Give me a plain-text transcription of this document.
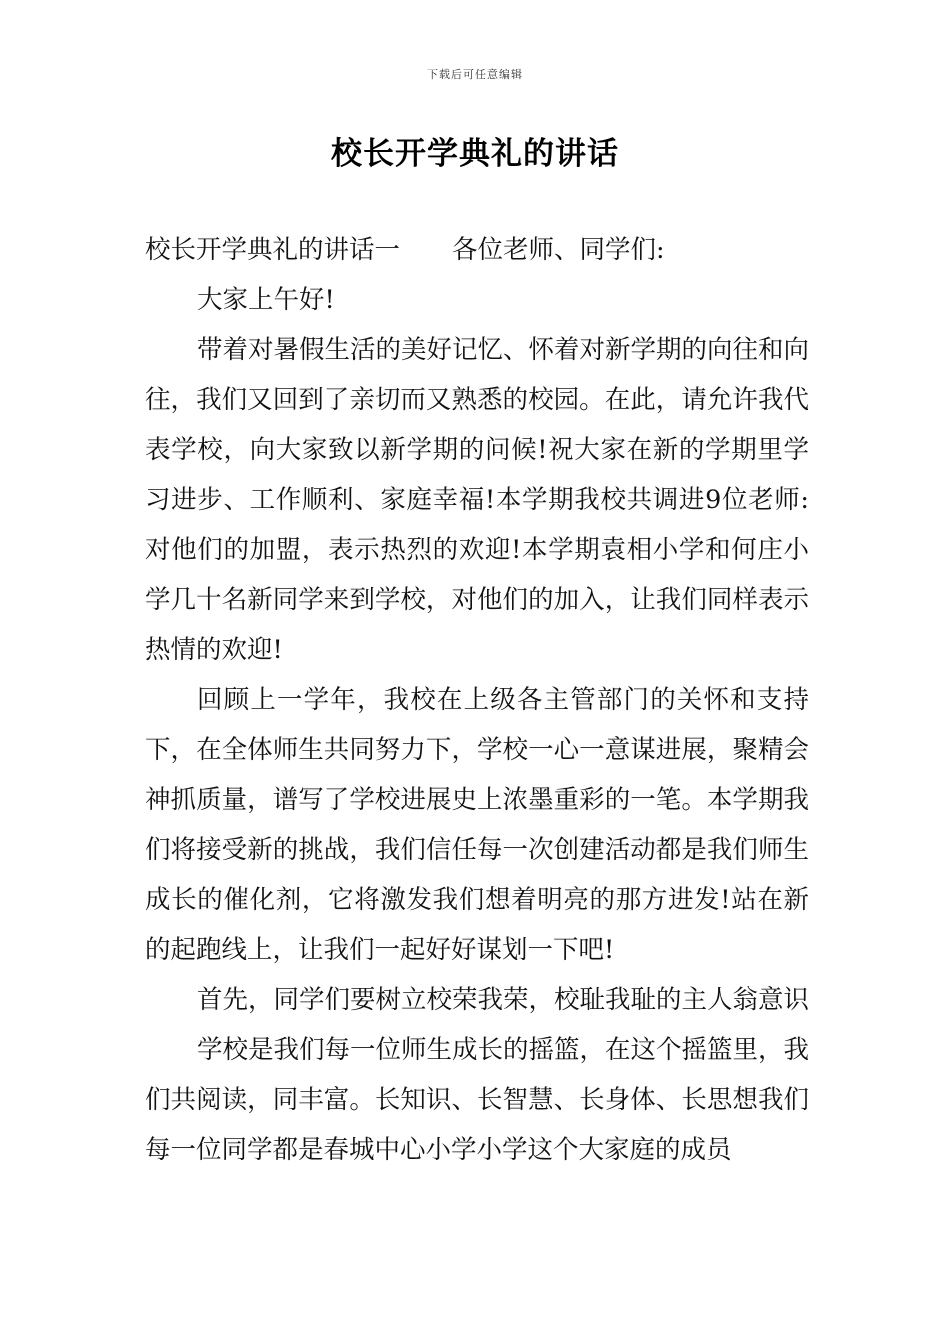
下载后可任意编辑
校长开学典礼的讲话

校长开学典礼的讲话一 各位老师、同学们:

大家上午好!

带着对暑假生活的美好记忆、怀着对新学期的向往和向往，我们又回到了亲切而又熟悉的校园。在此，请允许我代表学校，向大家致以新学期的问候!祝大家在新的学期里学习进步、工作顺利、家庭幸福!本学期我校共调进9位老师:对他们的加盟，表示热烈的欢迎!本学期袁相小学和何庄小学几十名新同学来到学校，对他们的加入，让我们同样表示热情的欢迎!

回顾上一学年，我校在上级各主管部门的关怀和支持下，在全体师生共同努力下，学校一心一意谋进展，聚精会神抓质量，谱写了学校进展史上浓墨重彩的一笔。本学期我们将接受新的挑战，我们信任每一次创建活动都是我们师生成长的催化剂，它将激发我们想着明亮的那方进发!站在新的起跑线上，让我们一起好好谋划一下吧!

首先，同学们要树立校荣我荣，校耻我耻的主人翁意识

学校是我们每一位师生成长的摇篮，在这个摇篮里，我们共阅读，同丰富。长知识、长智慧、长身体、长思想我们每一位同学都是春城中心小学小学这个大家庭的成员
